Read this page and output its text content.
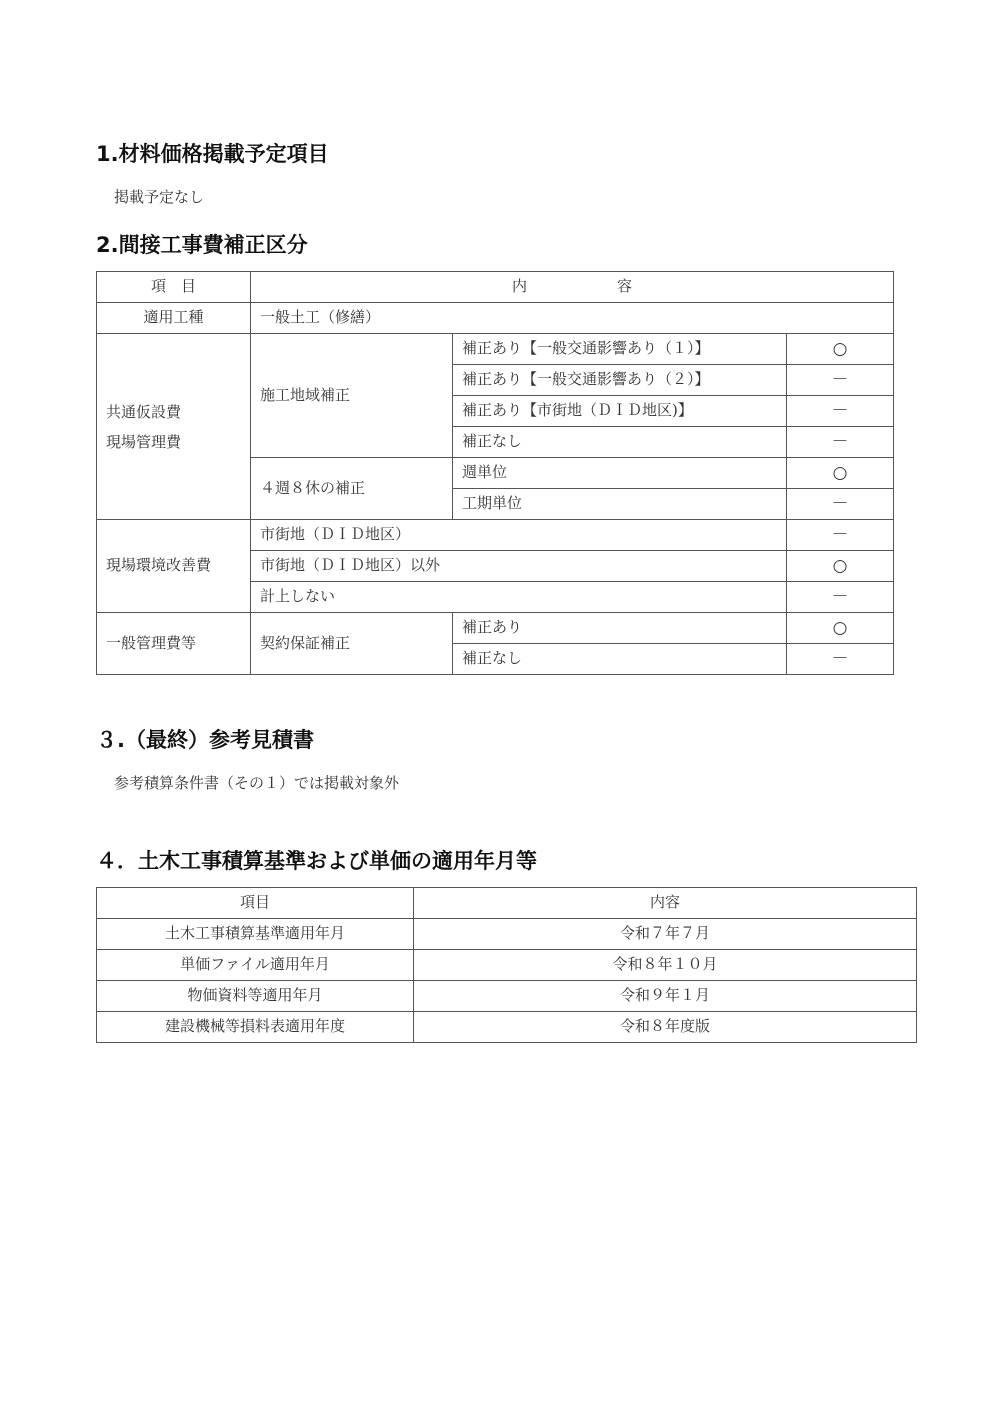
1.材料価格掲載予定項目
掲載予定なし
2.間接工事費補正区分
項　目	内　　　　　　容		
適用工種	一般土工（修繕）		

共通仮設費
現場管理費	施工地域補正	補正あり【一般交通影響あり（１）】	○
		補正あり【一般交通影響あり（２）】	－
		補正あり【市街地（ＤＩＤ地区)】	－
		補正なし	－
	４週８休の補正	週単位	○
		工期単位	－
現場環境改善費	市街地（ＤＩＤ地区）		－
	市街地（ＤＩＤ地区）以外		○
	計上しない		－
一般管理費等	契約保証補正	補正あり	○
		補正なし	－
３.（最終）参考見積書
参考積算条件書（その１）では掲載対象外
４．土木工事積算基準および単価の適用年月等
項目	内容
土木工事積算基準適用年月	令和７年７月
単価ファイル適用年月	令和８年１０月
物価資料等適用年月	令和９年１月
建設機械等損料表適用年度	令和８年度版
